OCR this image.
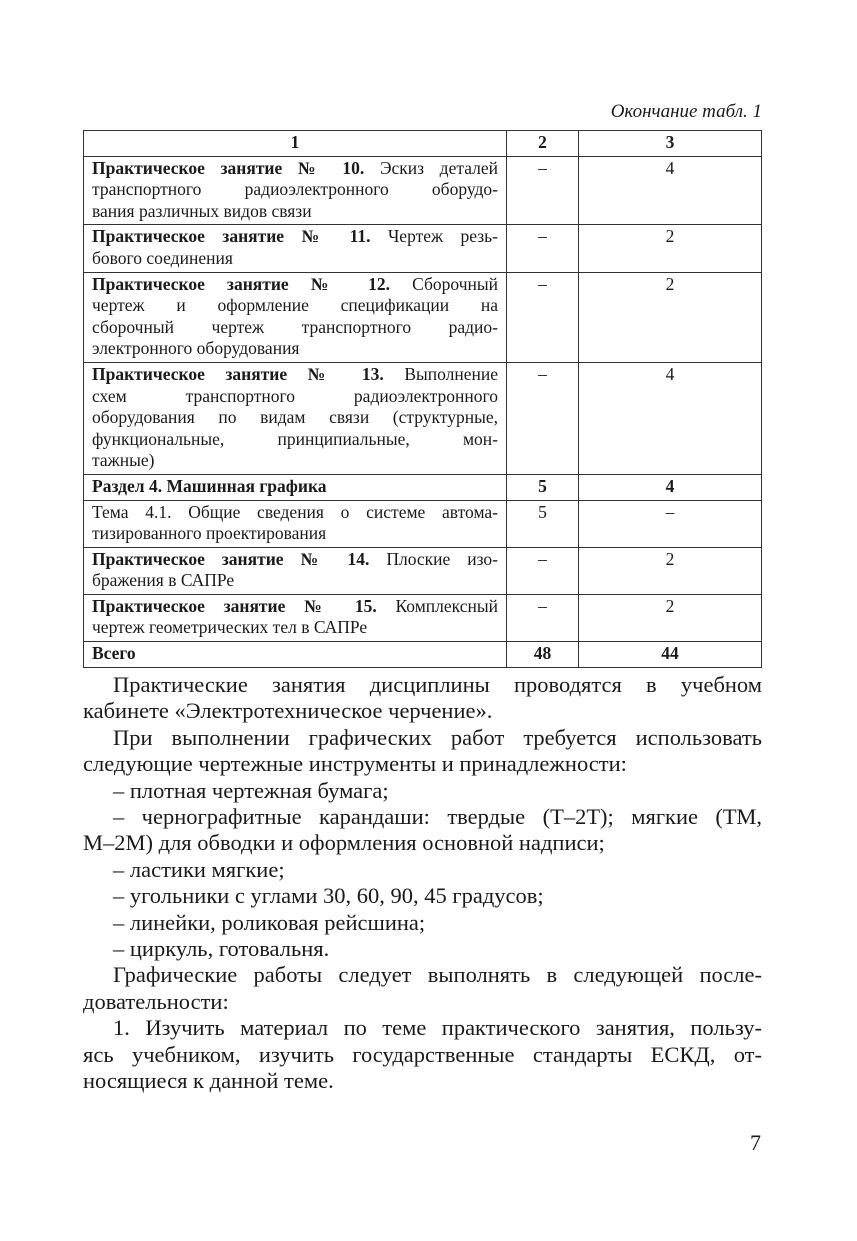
Окончание табл. 1
1	2	3

Практическое занятие № 10. Эскиз деталей
транспортного радиоэлектронного оборудо-
вания различных видов связи	–	4

Практическое занятие № 11. Чертеж резь-
бового соединения	–	2

Практическое занятие № 12. Сборочный
чертеж и оформление спецификации на
сборочный чертеж транспортного радио-
электронного оборудования	–	2

Практическое занятие № 13. Выполнение
схем транспортного радиоэлектронного
оборудования по видам связи (структурные,
функциональные, принципиальные, мон-
тажные)	–	4

Раздел 4. Машинная графика	5	4

Тема 4.1. Общие сведения о системе автома-
тизированного проектирования	5	–

Практическое занятие № 14. Плоские изо-
бражения в САПРе	–	2

Практическое занятие № 15. Комплексный
чертеж геометрических тел в САПРе	–	2

Всего	48	44
Практические занятия дисциплины проводятся в учебном
кабинете «Электротехническое черчение».
При выполнении графических работ требуется использовать
следующие чертежные инструменты и принадлежности:
– плотная чертежная бумага;
– чернографитные карандаши: твердые (Т–2Т); мягкие (ТМ,
М–2М) для обводки и оформления основной надписи;
– ластики мягкие;
– угольники с углами 30, 60, 90, 45 градусов;
– линейки, роликовая рейсшина;
– циркуль, готовальня.
Графические работы следует выполнять в следующей после-
довательности:
1. Изучить материал по теме практического занятия, пользу-
ясь учебником, изучить государственные стандарты ЕСКД, от-
носящиеся к данной теме.
7
